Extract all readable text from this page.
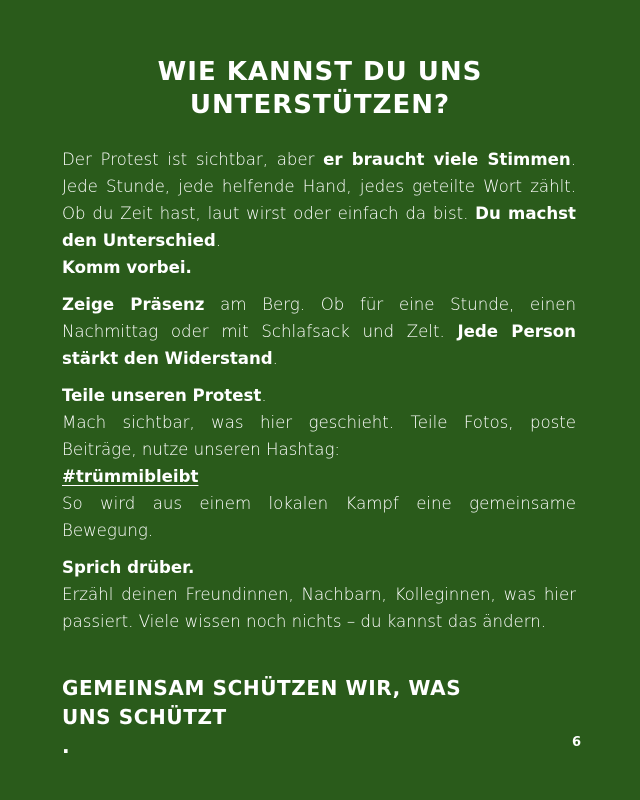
WIE KANNST DU UNS
UNTERSTÜTZEN?

Der Protest ist sichtbar, aber er braucht viele Stimmen. Jede Stunde, jede helfende Hand, jedes geteilte Wort zählt. Ob du Zeit hast, laut wirst oder einfach da bist. Du machst den Unterschied.

Komm vorbei.

Zeige Präsenz am Berg. Ob für eine Stunde, einen Nachmittag oder mit Schlafsack und Zelt. Jede Person stärkt den Widerstand.

Teile unseren Protest.

Mach sichtbar, was hier geschieht. Teile Fotos, poste Beiträge, nutze unseren Hashtag:

#trümmibleibt

So wird aus einem lokalen Kampf eine gemeinsame Bewegung.

Sprich drüber.

Erzähl deinen Freundinnen, Nachbarn, Kolleginnen, was hier passiert. Viele wissen noch nichts – du kannst das ändern.

GEMEINSAM SCHÜTZEN WIR, WAS
UNS SCHÜTZT
.	6
